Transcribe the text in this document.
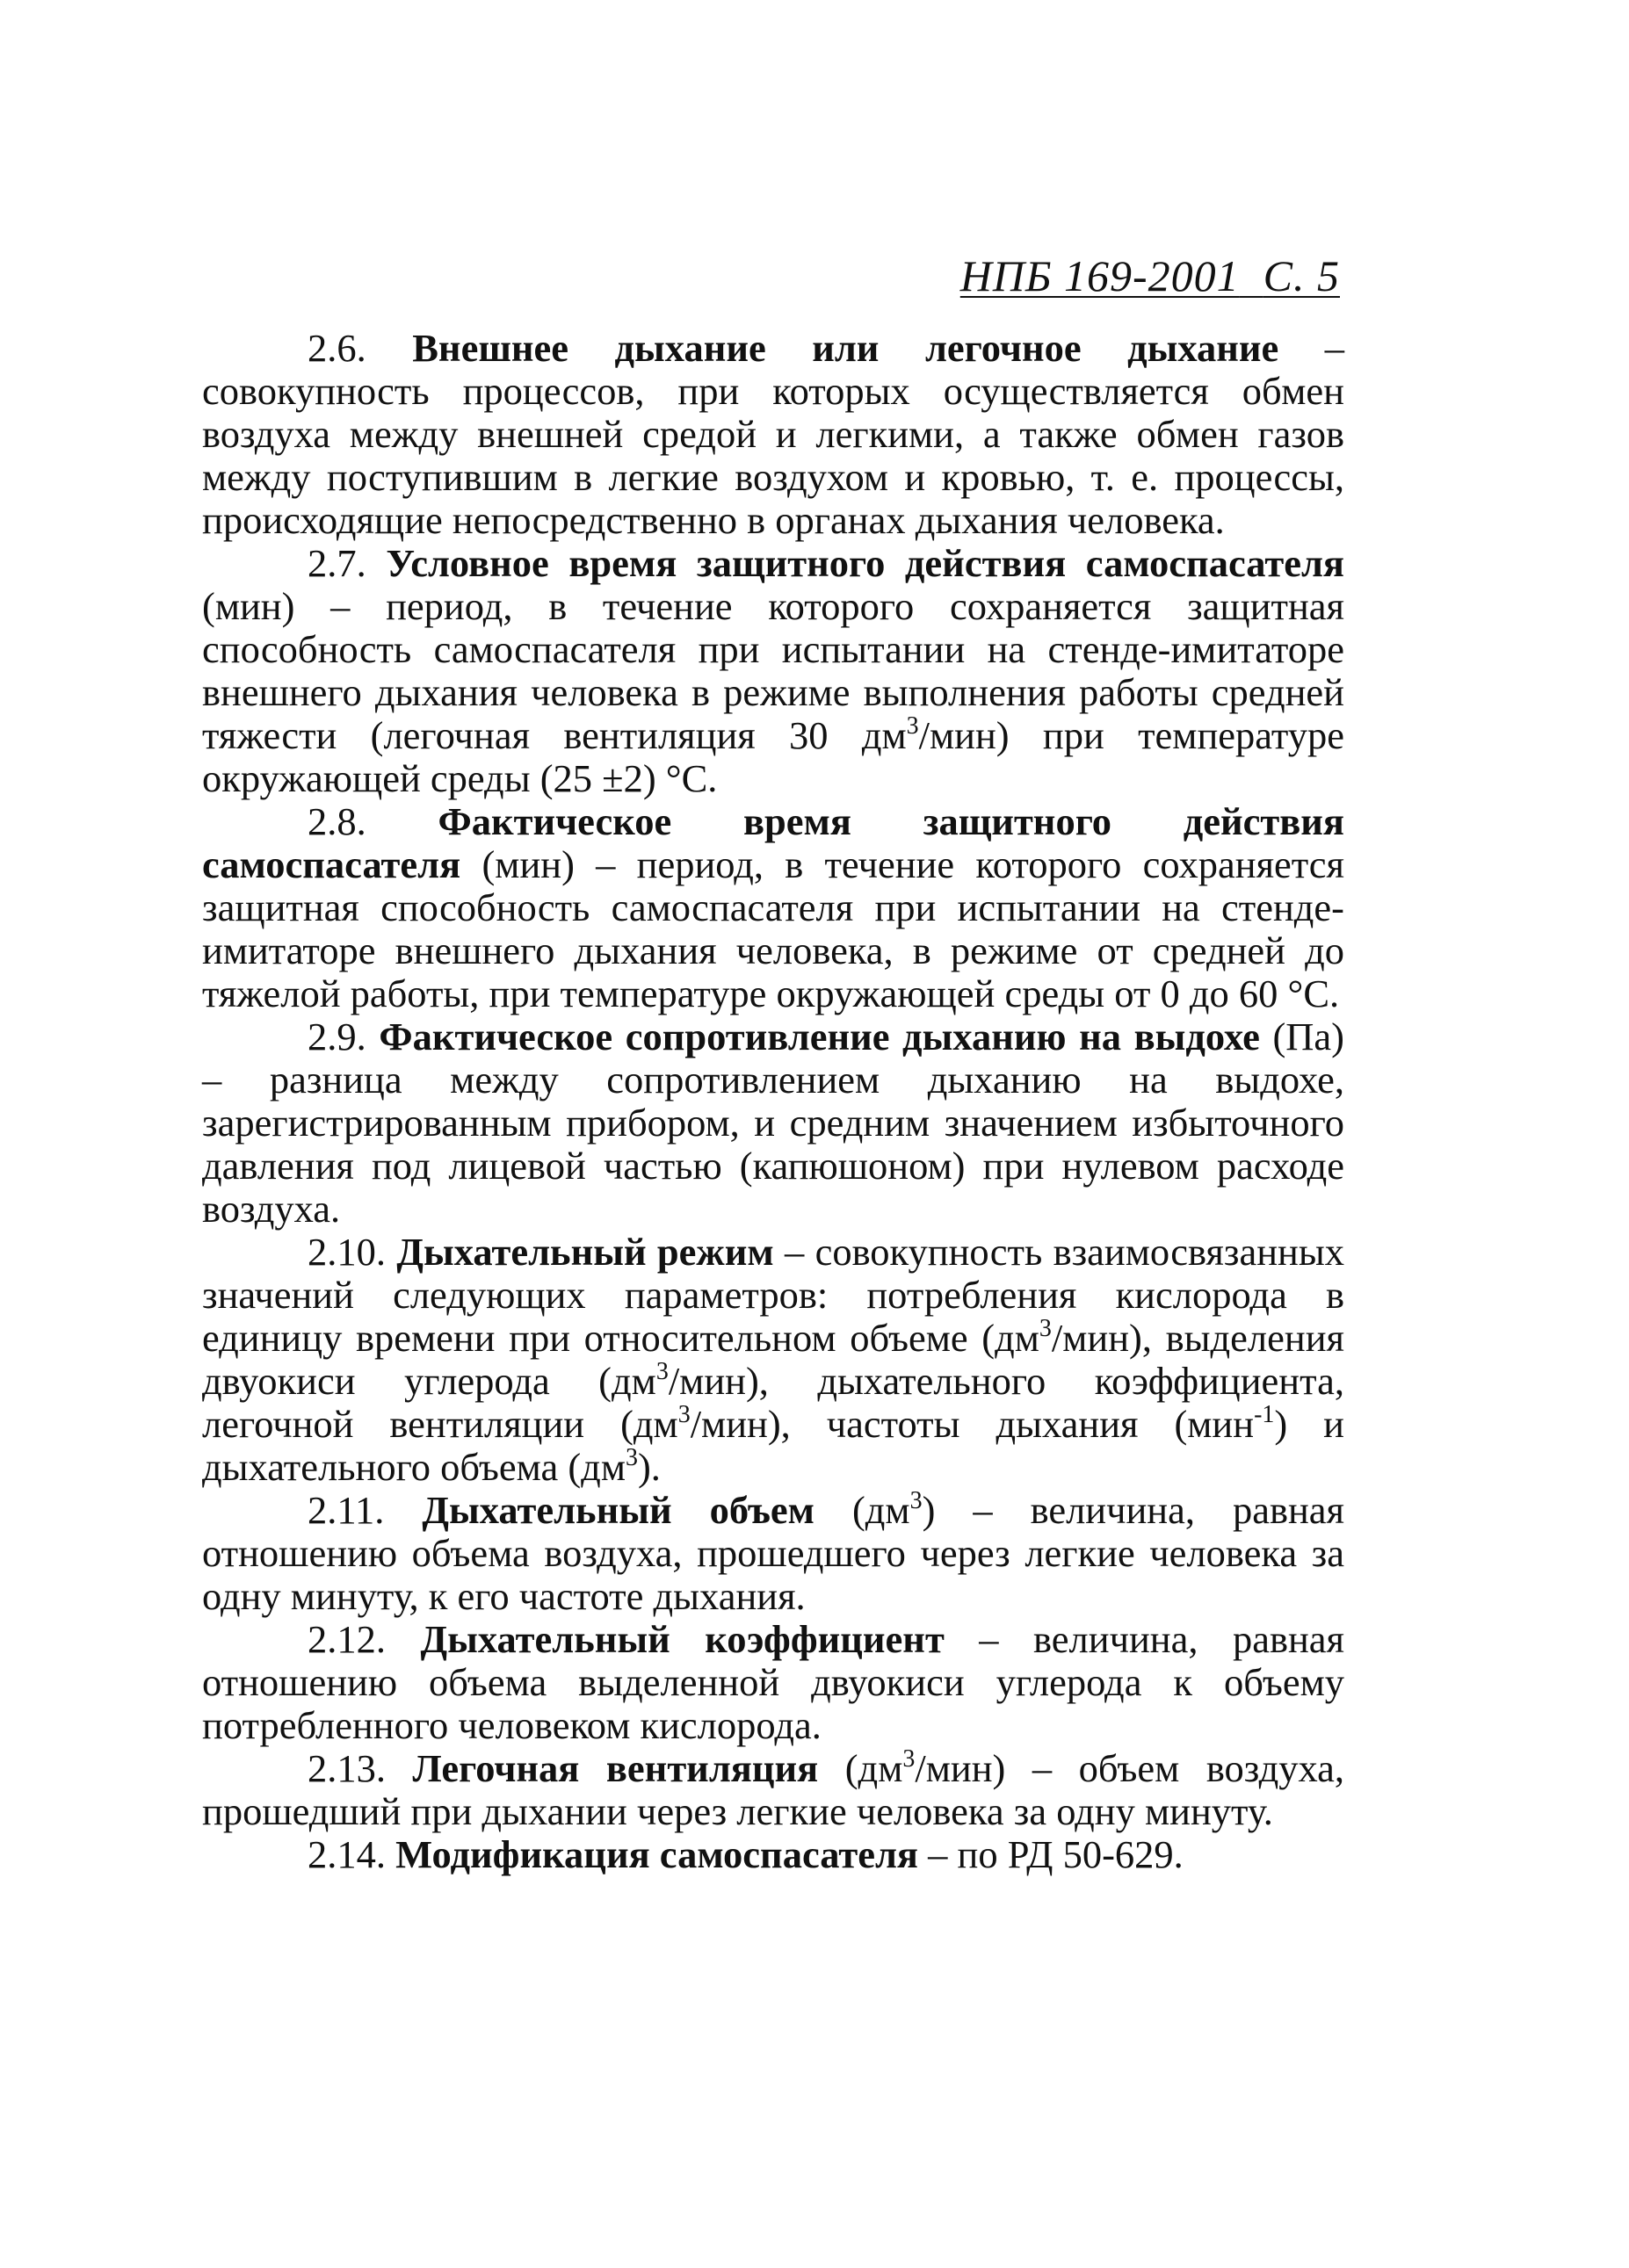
НПБ 169-2001 С. 5

2.6. Внешнее дыхание или легочное дыхание – совокупность процессов, при которых осуществляется обмен воздуха между внешней средой и легкими, а также обмен газов между поступившим в легкие воздухом и кровью, т. е. процессы, происходящие непосредственно в органах дыхания человека.

2.7. Условное время защитного действия самоспасателя (мин) – период, в течение которого сохраняется защитная способность самоспасателя при испытании на стенде-имитаторе внешнего дыхания человека в режиме выполнения работы средней тяжести (легочная вентиляция 30 $дм^3/мин$) при температуре окружающей среды (25 ±2) °С.

2.8. Фактическое время защитного действия самоспасателя (мин) – период, в течение которого сохраняется защитная способность самоспасателя при испытании на стенде-имитаторе внешнего дыхания человека, в режиме от средней до тяжелой работы, при температуре окружающей среды от 0 до 60 °С.

2.9. Фактическое сопротивление дыханию на выдохе (Па) – разница между сопротивлением дыханию на выдохе, зарегистрированным прибором, и средним значением избыточного давления под лицевой частью (капюшоном) при нулевом расходе воздуха.

2.10. Дыхательный режим – совокупность взаимосвязанных значений следующих параметров: потребления кислорода в единицу времени при относительном объеме $(дм^3/мин)$, выделения двуокиси углерода $(дм^3/мин)$, дыхательного коэффициента, легочной вентиляции $(дм^3/мин)$, частоты дыхания (мин$^{-1}$) и дыхательного объема $(дм^3)$.

2.11. Дыхательный объем $(дм^3)$ – величина, равная отношению объема воздуха, прошедшего через легкие человека за одну минуту, к его частоте дыхания.

2.12. Дыхательный коэффициент – величина, равная отношению объема выделенной двуокиси углерода к объему потребленного человеком кислорода.

2.13. Легочная вентиляция $(дм^3/мин)$ – объем воздуха, прошедший при дыхании через легкие человека за одну минуту.

2.14. Модификация самоспасателя – по РД 50-629.
